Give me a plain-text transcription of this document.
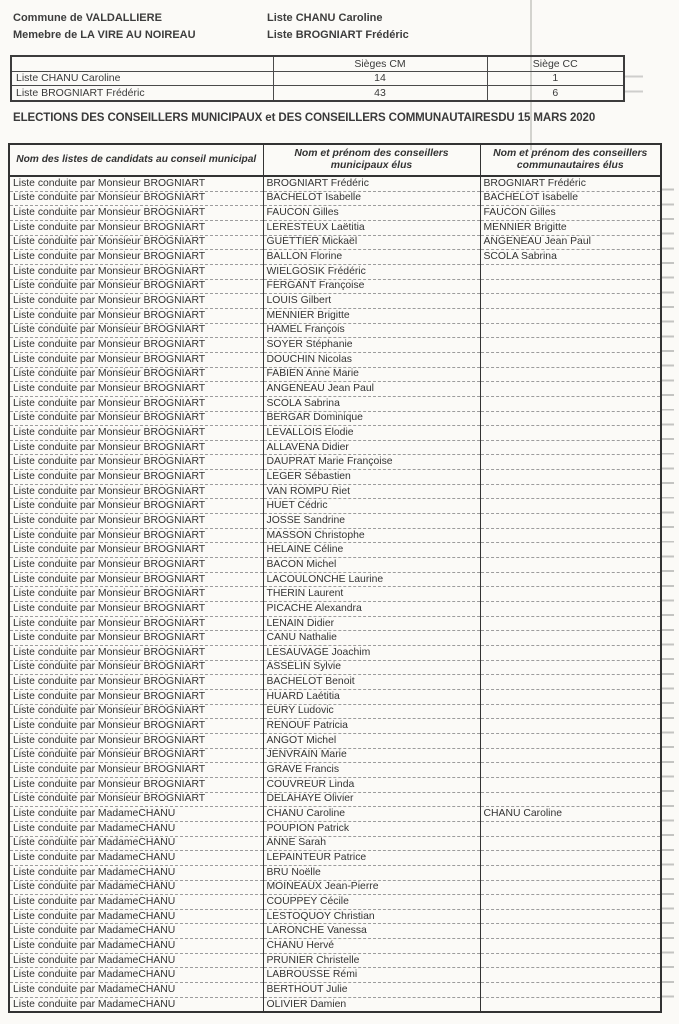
Commune de VALDALLIERE
Memebre de LA VIRE AU NOIREAU
Liste CHANU Caroline
Liste BROGNIART Frédéric
	Sièges CM	Siège CC
Liste CHANU Caroline	14	1
Liste BROGNIART Frédéric	43	6
ELECTIONS DES CONSEILLERS MUNICIPAUX et DES CONSEILLERS COMMUNAUTAIRESDU 15 MARS 2020
Nom des listes de candidats au conseil municipal	Nom et prénom des conseillers municipaux élus	Nom et prénom des conseillers communautaires élus
Liste conduite par Monsieur BROGNIART	BROGNIART Frédéric	BROGNIART Frédéric
Liste conduite par Monsieur BROGNIART	BACHELOT Isabelle	BACHELOT Isabelle
Liste conduite par Monsieur BROGNIART	FAUCON Gilles	FAUCON Gilles
Liste conduite par Monsieur BROGNIART	LERESTEUX Laëtitia	MENNIER Brigitte
Liste conduite par Monsieur BROGNIART	GUETTIER Mickaël	ANGENEAU Jean Paul
Liste conduite par Monsieur BROGNIART	BALLON Florine	SCOLA Sabrina
Liste conduite par Monsieur BROGNIART	WIELGOSIK Frédéric	
Liste conduite par Monsieur BROGNIART	FERGANT Françoise	
Liste conduite par Monsieur BROGNIART	LOUIS Gilbert	
Liste conduite par Monsieur BROGNIART	MENNIER Brigitte	
Liste conduite par Monsieur BROGNIART	HAMEL François	
Liste conduite par Monsieur BROGNIART	SOYER Stéphanie	
Liste conduite par Monsieur BROGNIART	DOUCHIN Nicolas	
Liste conduite par Monsieur BROGNIART	FABIEN Anne Marie	
Liste conduite par Monsieur BROGNIART	ANGENEAU Jean Paul	
Liste conduite par Monsieur BROGNIART	SCOLA Sabrina	
Liste conduite par Monsieur BROGNIART	BERGAR Dominique	
Liste conduite par Monsieur BROGNIART	LEVALLOIS Elodie	
Liste conduite par Monsieur BROGNIART	ALLAVENA Didier	
Liste conduite par Monsieur BROGNIART	DAUPRAT Marie Françoise	
Liste conduite par Monsieur BROGNIART	LEGER Sébastien	
Liste conduite par Monsieur BROGNIART	VAN ROMPU Riet	
Liste conduite par Monsieur BROGNIART	HUET Cédric	
Liste conduite par Monsieur BROGNIART	JOSSE Sandrine	
Liste conduite par Monsieur BROGNIART	MASSON Christophe	
Liste conduite par Monsieur BROGNIART	HELAINE Céline	
Liste conduite par Monsieur BROGNIART	BACON Michel	
Liste conduite par Monsieur BROGNIART	LACOULONCHE Laurine	
Liste conduite par Monsieur BROGNIART	THERIN Laurent	
Liste conduite par Monsieur BROGNIART	PICACHE Alexandra	
Liste conduite par Monsieur BROGNIART	LENAIN Didier	
Liste conduite par Monsieur BROGNIART	CANU Nathalie	
Liste conduite par Monsieur BROGNIART	LESAUVAGE Joachim	
Liste conduite par Monsieur BROGNIART	ASSELIN Sylvie	
Liste conduite par Monsieur BROGNIART	BACHELOT Benoit	
Liste conduite par Monsieur BROGNIART	HUARD Laétitia	
Liste conduite par Monsieur BROGNIART	EURY Ludovic	
Liste conduite par Monsieur BROGNIART	RENOUF Patricia	
Liste conduite par Monsieur BROGNIART	ANGOT Michel	
Liste conduite par Monsieur BROGNIART	JENVRAIN Marie	
Liste conduite par Monsieur BROGNIART	GRAVE Francis	
Liste conduite par Monsieur BROGNIART	COUVREUR Linda	
Liste conduite par Monsieur BROGNIART	DELAHAYE Olivier	
Liste conduite par MadameCHANU	CHANU Caroline	CHANU Caroline
Liste conduite par MadameCHANU	POUPION Patrick	
Liste conduite par MadameCHANU	ANNE Sarah	
Liste conduite par MadameCHANU	LEPAINTEUR Patrice	
Liste conduite par MadameCHANU	BRU Noëlle	
Liste conduite par MadameCHANU	MOINEAUX Jean-Pierre	
Liste conduite par MadameCHANU	COUPPEY Cécile	
Liste conduite par MadameCHANU	LESTOQUOY Christian	
Liste conduite par MadameCHANU	LARONCHE Vanessa	
Liste conduite par MadameCHANU	CHANU Hervé	
Liste conduite par MadameCHANU	PRUNIER Christelle	
Liste conduite par MadameCHANU	LABROUSSE Rémi	
Liste conduite par MadameCHANU	BERTHOUT Julie	
Liste conduite par MadameCHANU	OLIVIER Damien	
